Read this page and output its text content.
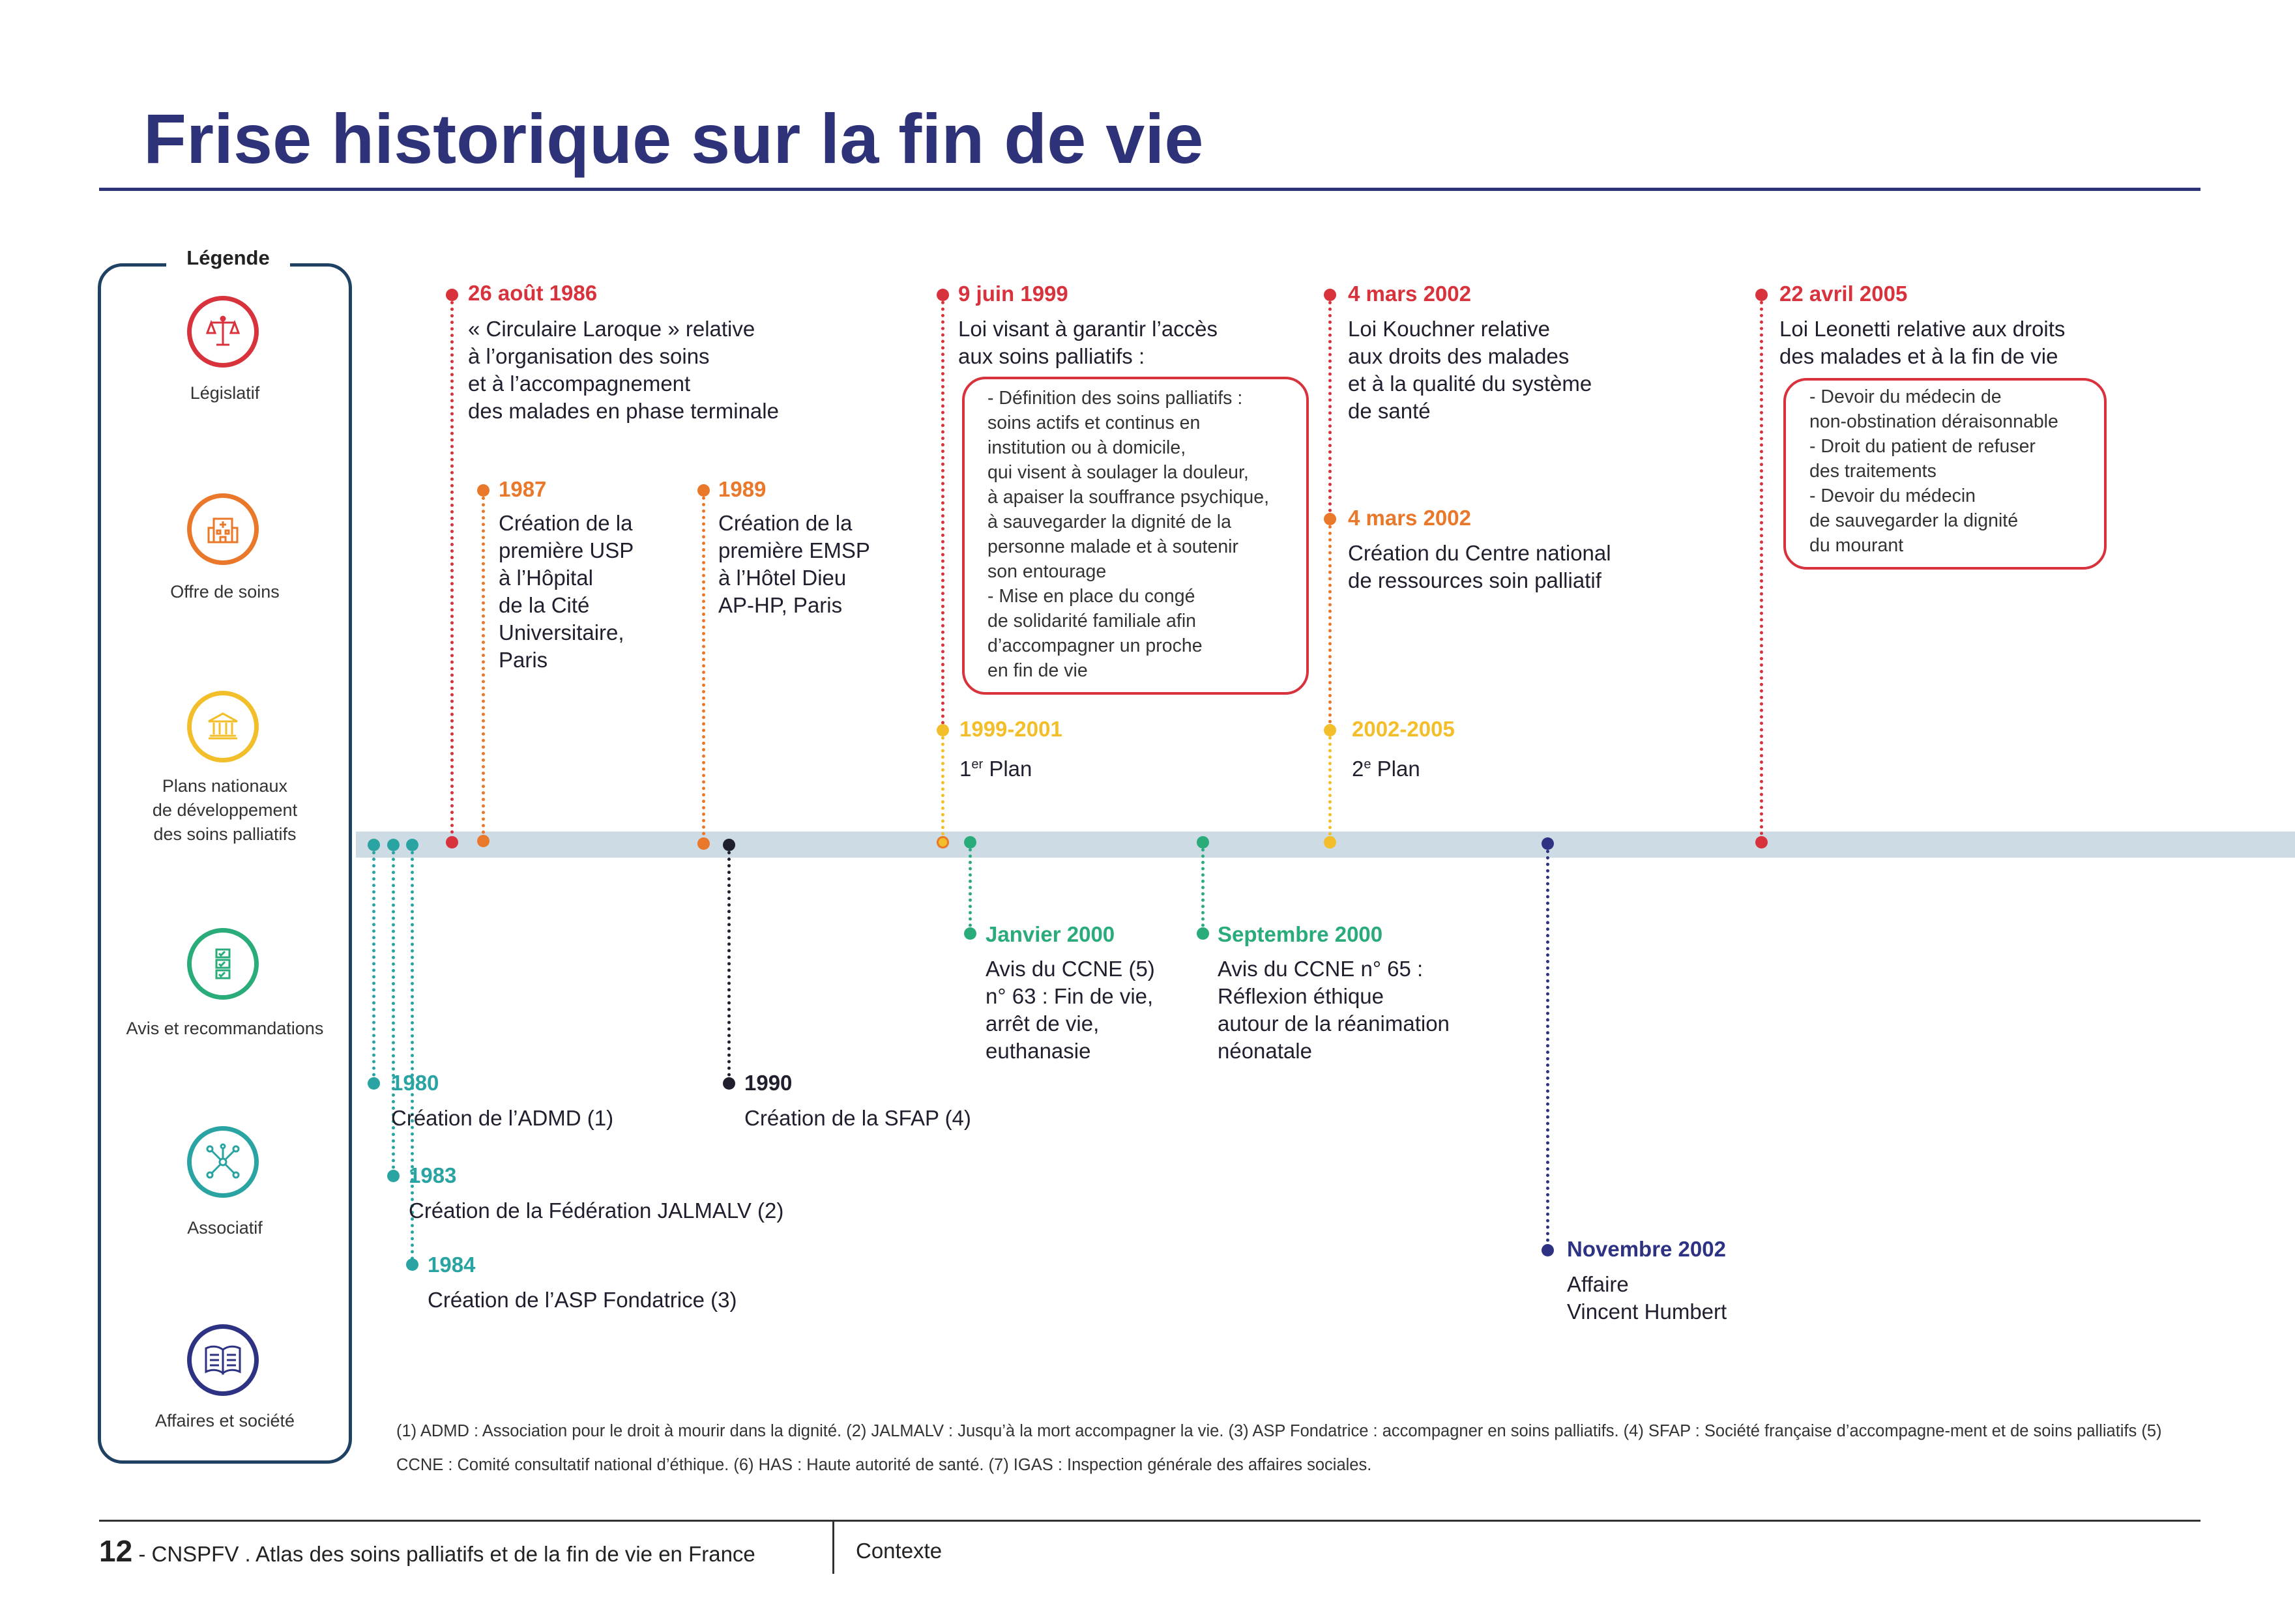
Frise historique sur la fin de vie
Légende
Législatif
Offre de soins
Plans nationaux
de développement
des soins palliatifs
Avis et recommandations
Associatif
Affaires et société
26 août 1986
« Circulaire Laroque » relative
à l’organisation des soins
et à l’accompagnement
des malades en phase terminale
1987
Création de la
première USP
à l’Hôpital
de la Cité
Universitaire,
Paris
1989
Création de la
première EMSP
à l’Hôtel Dieu
AP-HP, Paris
9 juin 1999
Loi visant à garantir l’accès
aux soins palliatifs :
- Définition des soins palliatifs :
soins actifs et continus en
institution ou à domicile,
qui visent à soulager la douleur,
à apaiser la souffrance psychique,
à sauvegarder la dignité de la
personne malade et à soutenir
son entourage
- Mise en place du congé
de solidarité familiale afin
d’accompagner un proche
en fin de vie
1999-2001
1er Plan
4 mars 2002
Loi Kouchner relative
aux droits des malades
et à la qualité du système
de santé
4 mars 2002
Création du Centre national
de ressources soin palliatif
2002-2005
2e Plan
22 avril 2005
Loi Leonetti relative aux droits
des malades et à la fin de vie
- Devoir du médecin de
non-obstination déraisonnable
- Droit du patient de refuser
des traitements
- Devoir du médecin
de sauvegarder la dignité
du mourant
Janvier 2000
Avis du CCNE (5)
n° 63 : Fin de vie,
arrêt de vie,
euthanasie
Septembre 2000
Avis du CCNE n° 65 :
Réflexion éthique
autour de la réanimation
néonatale
1980
Création de l’ADMD (1)
1983
Création de la Fédération JALMALV (2)
1984
Création de l’ASP Fondatrice (3)
1990
Création de la SFAP (4)
Novembre 2002
Affaire
Vincent Humbert
(1) ADMD : Association pour le droit à mourir dans la dignité. (2) JALMALV : Jusqu’à la mort accompagner la vie. (3) ASP Fondatrice : accompagner en soins palliatifs. (4) SFAP : Société française d’accompagne-ment et de soins palliatifs (5) CCNE : Comité consultatif national d’éthique. (6) HAS : Haute autorité de santé. (7) IGAS : Inspection générale des affaires sociales.
12 - CNSPFV . Atlas des soins palliatifs et de la fin de vie en France	Contexte
